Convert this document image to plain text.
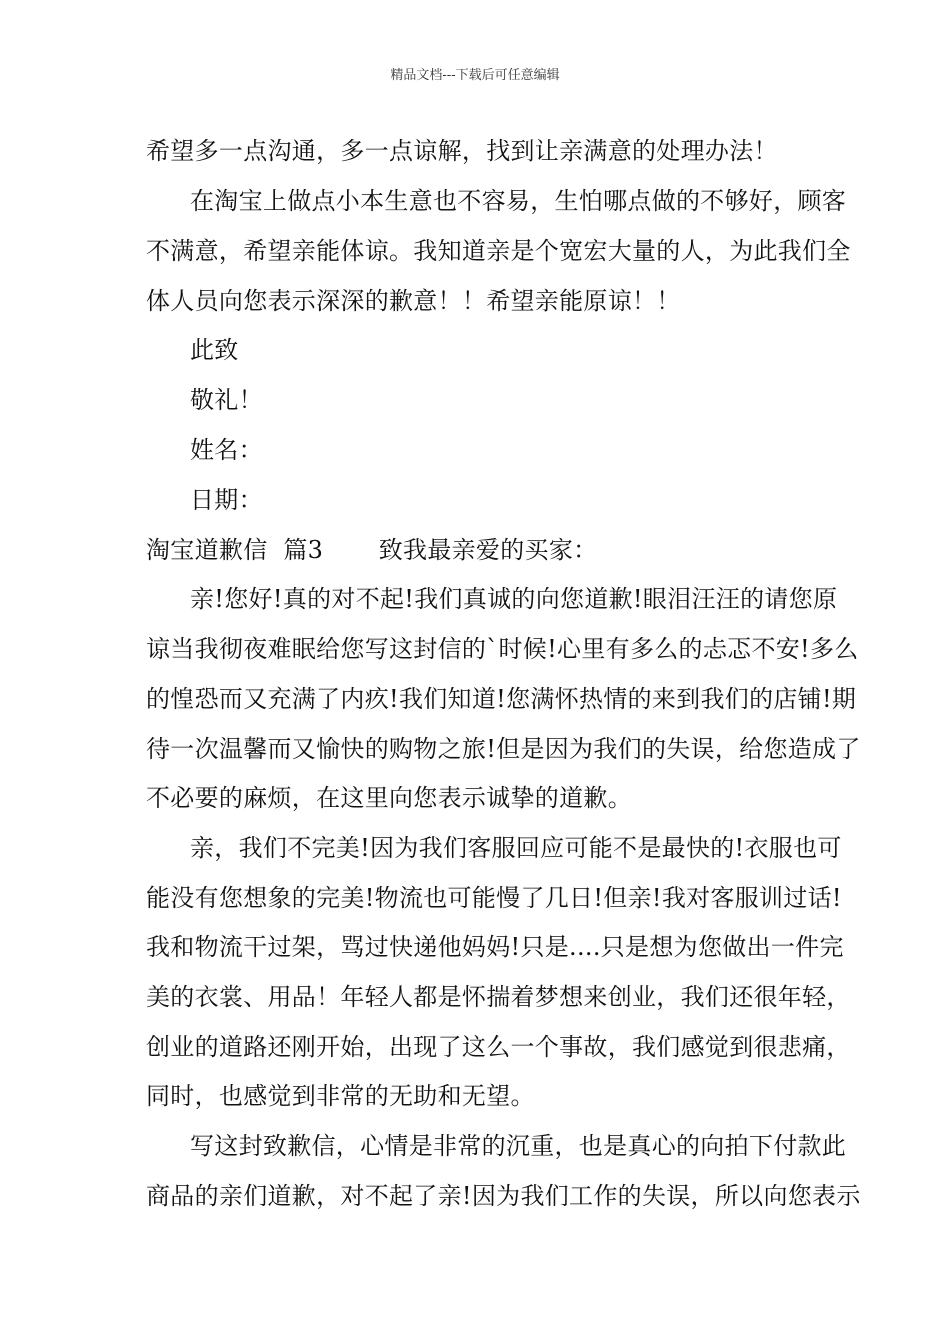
精品文档---下载后可任意编辑
希望多一点沟通，多一点谅解，找到让亲满意的处理办法！
在淘宝上做点小本生意也不容易，生怕哪点做的不够好，顾客
不满意，希望亲能体谅。我知道亲是个宽宏大量的人，为此我们全
体人员向您表示深深的歉意！！希望亲能原谅！！
此致
敬礼！
姓名：
日期：
淘宝道歉信  篇3       致我最亲爱的买家：
亲!您好!真的对不起!我们真诚的向您道歉!眼泪汪汪的请您原
谅当我彻夜难眠给您写这封信的`时候!心里有多么的忐忑不安!多么
的惶恐而又充满了内疚!我们知道!您满怀热情的来到我们的店铺!期
待一次温馨而又愉快的购物之旅!但是因为我们的失误，给您造成了
不必要的麻烦，在这里向您表示诚挚的道歉。
亲，我们不完美!因为我们客服回应可能不是最快的!衣服也可
能没有您想象的完美!物流也可能慢了几日!但亲!我对客服训过话!
我和物流干过架，骂过快递他妈妈!只是....只是想为您做出一件完
美的衣裳、用品！年轻人都是怀揣着梦想来创业，我们还很年轻，
创业的道路还刚开始，出现了这么一个事故，我们感觉到很悲痛，
同时，也感觉到非常的无助和无望。
写这封致歉信，心情是非常的沉重，也是真心的向拍下付款此
商品的亲们道歉，对不起了亲!因为我们工作的失误，所以向您表示
